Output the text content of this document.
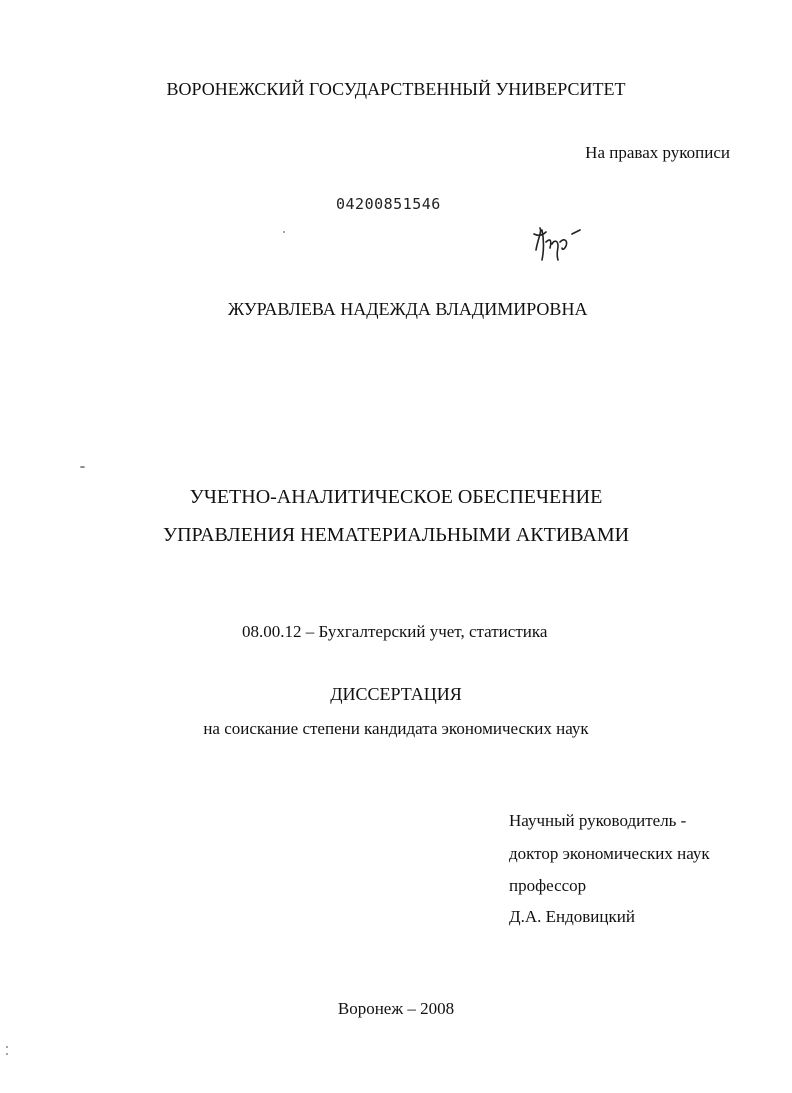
ВОРОНЕЖСКИЙ ГОСУДАРСТВЕННЫЙ УНИВЕРСИТЕТ
На правах рукописи
04200851546
ЖУРАВЛЕВА НАДЕЖДА ВЛАДИМИРОВНА
УЧЕТНО-АНАЛИТИЧЕСКОЕ ОБЕСПЕЧЕНИЕ
УПРАВЛЕНИЯ НЕМАТЕРИАЛЬНЫМИ АКТИВАМИ
08.00.12 – Бухгалтерский учет, статистика
ДИССЕРТАЦИЯ
на соискание степени кандидата экономических наук
Научный руководитель -
доктор экономических наук
профессор
Д.А. Ендовицкий
Воронеж – 2008
